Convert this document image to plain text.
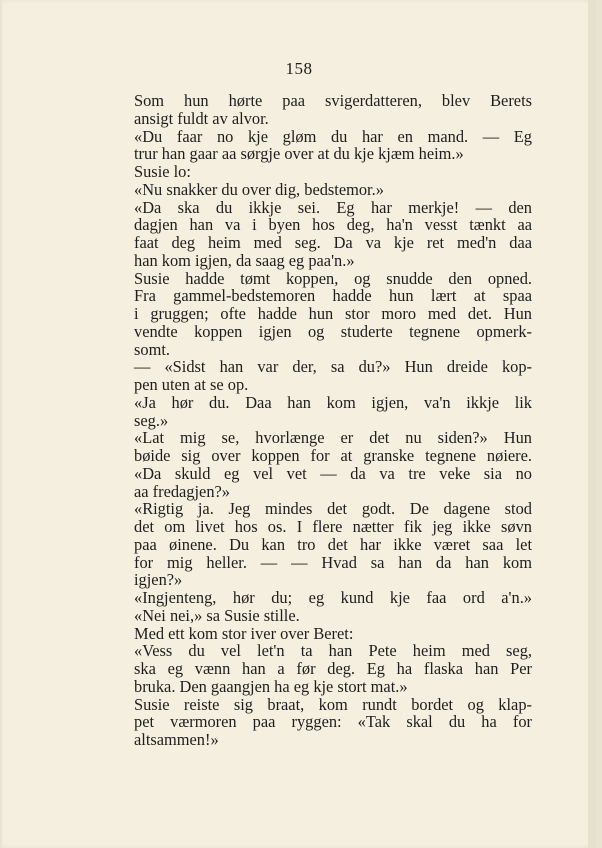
158
Som hun hørte paa svigerdatteren, blev Berets
ansigt fuldt av alvor.
«Du faar no kje gløm du har en mand. — Eg
trur han gaar aa sørgje over at du kje kjæm heim.»
Susie lo:
«Nu snakker du over dig, bedstemor.»
«Da ska du ikkje sei. Eg har merkje! — den
dagjen han va i byen hos deg, ha'n vesst tænkt aa
faat deg heim med seg. Da va kje ret med'n daa
han kom igjen, da saag eg paa'n.»
Susie hadde tømt koppen, og snudde den opned.
Fra gammel-bedstemoren hadde hun lært at spaa
i gruggen; ofte hadde hun stor moro med det. Hun
vendte koppen igjen og studerte tegnene opmerk-
somt.
— «Sidst han var der, sa du?» Hun dreide kop-
pen uten at se op.
«Ja hør du. Daa han kom igjen, va'n ikkje lik
seg.»
«Lat mig se, hvorlænge er det nu siden?» Hun
bøide sig over koppen for at granske tegnene nøiere.
«Da skuld eg vel vet — da va tre veke sia no
aa fredagjen?»
«Rigtig ja. Jeg mindes det godt. De dagene stod
det om livet hos os. I flere nætter fik jeg ikke søvn
paa øinene. Du kan tro det har ikke været saa let
for mig heller. — — Hvad sa han da han kom
igjen?»
«Ingjenteng, hør du; eg kund kje faa ord a'n.»
«Nei nei,» sa Susie stille.
Med ett kom stor iver over Beret:
«Vess du vel let'n ta han Pete heim med seg,
ska eg vænn han a før deg. Eg ha flaska han Per
bruka. Den gaangjen ha eg kje stort mat.»
Susie reiste sig braat, kom rundt bordet og klap-
pet værmoren paa ryggen: «Tak skal du ha for
altsammen!»
